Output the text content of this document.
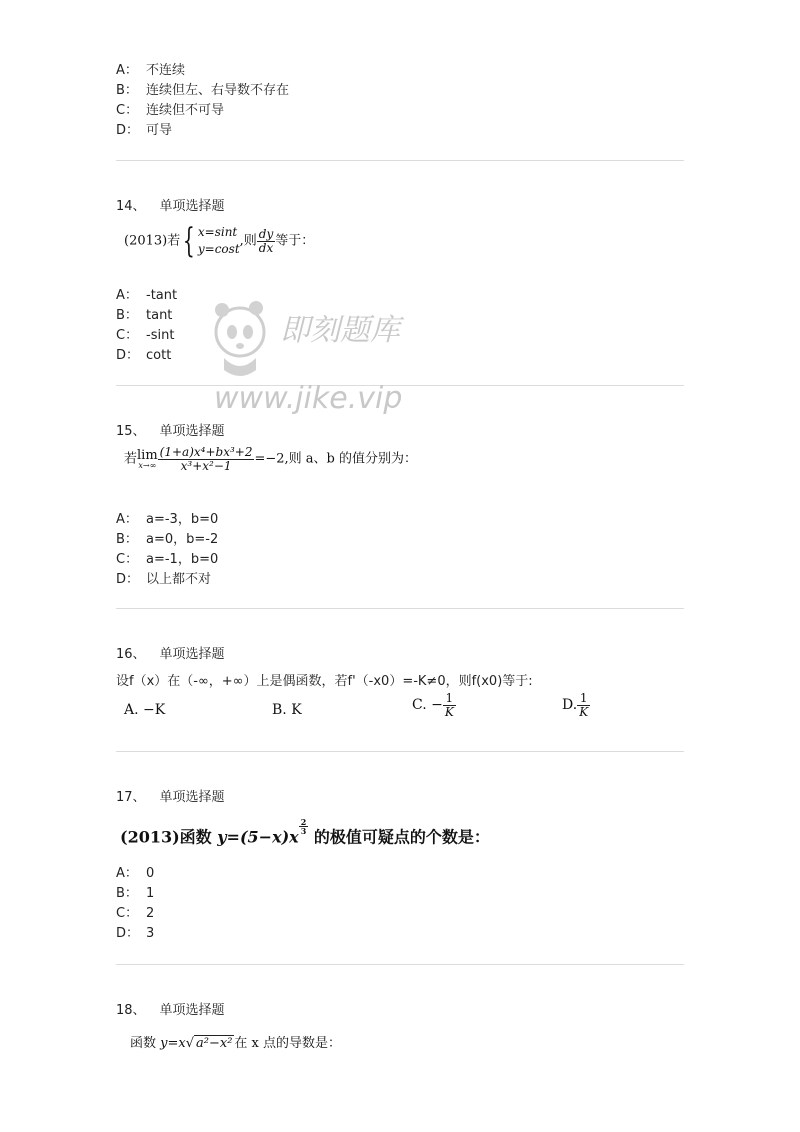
A： 不连续
B： 连续但左、右导数不存在
C： 连续但不可导
D： 可导
14、 单项选择题
(2013)若{ x=sint
y=cost
,则 $\frac{dy}{dx}$ 等于：
A： -tant
B： tant
C： -sint
D： cott
15、 单项选择题
若 lim
$x\to\infty \frac{\text{(1+a)x⁴+bx³+2}}{\text{x³+x²−1}} =-2$,则 a、b 的值分别为：
A： a=-3，b=0
B： a=0，b=-2
C： a=-1，b=0
D： 以上都不对
16、 单项选择题
设f（x）在（-∞，+∞）上是偶函数，若f'（-x0）=-K≠0，则f(x0)等于:
A. −K	B. K	C. − $\frac{1}{K}$	D. $\frac{1}{K}$
17、 单项选择题
(2013)函数 y=(5−x)x
$\frac{2}{3}$
的极值可疑点的个数是：
A： 0
B： 1
C： 2
D： 3
18、 单项选择题
函数 y=x√ a²−x² 在 x 点的导数是：
即刻题库
www.jike.vip
